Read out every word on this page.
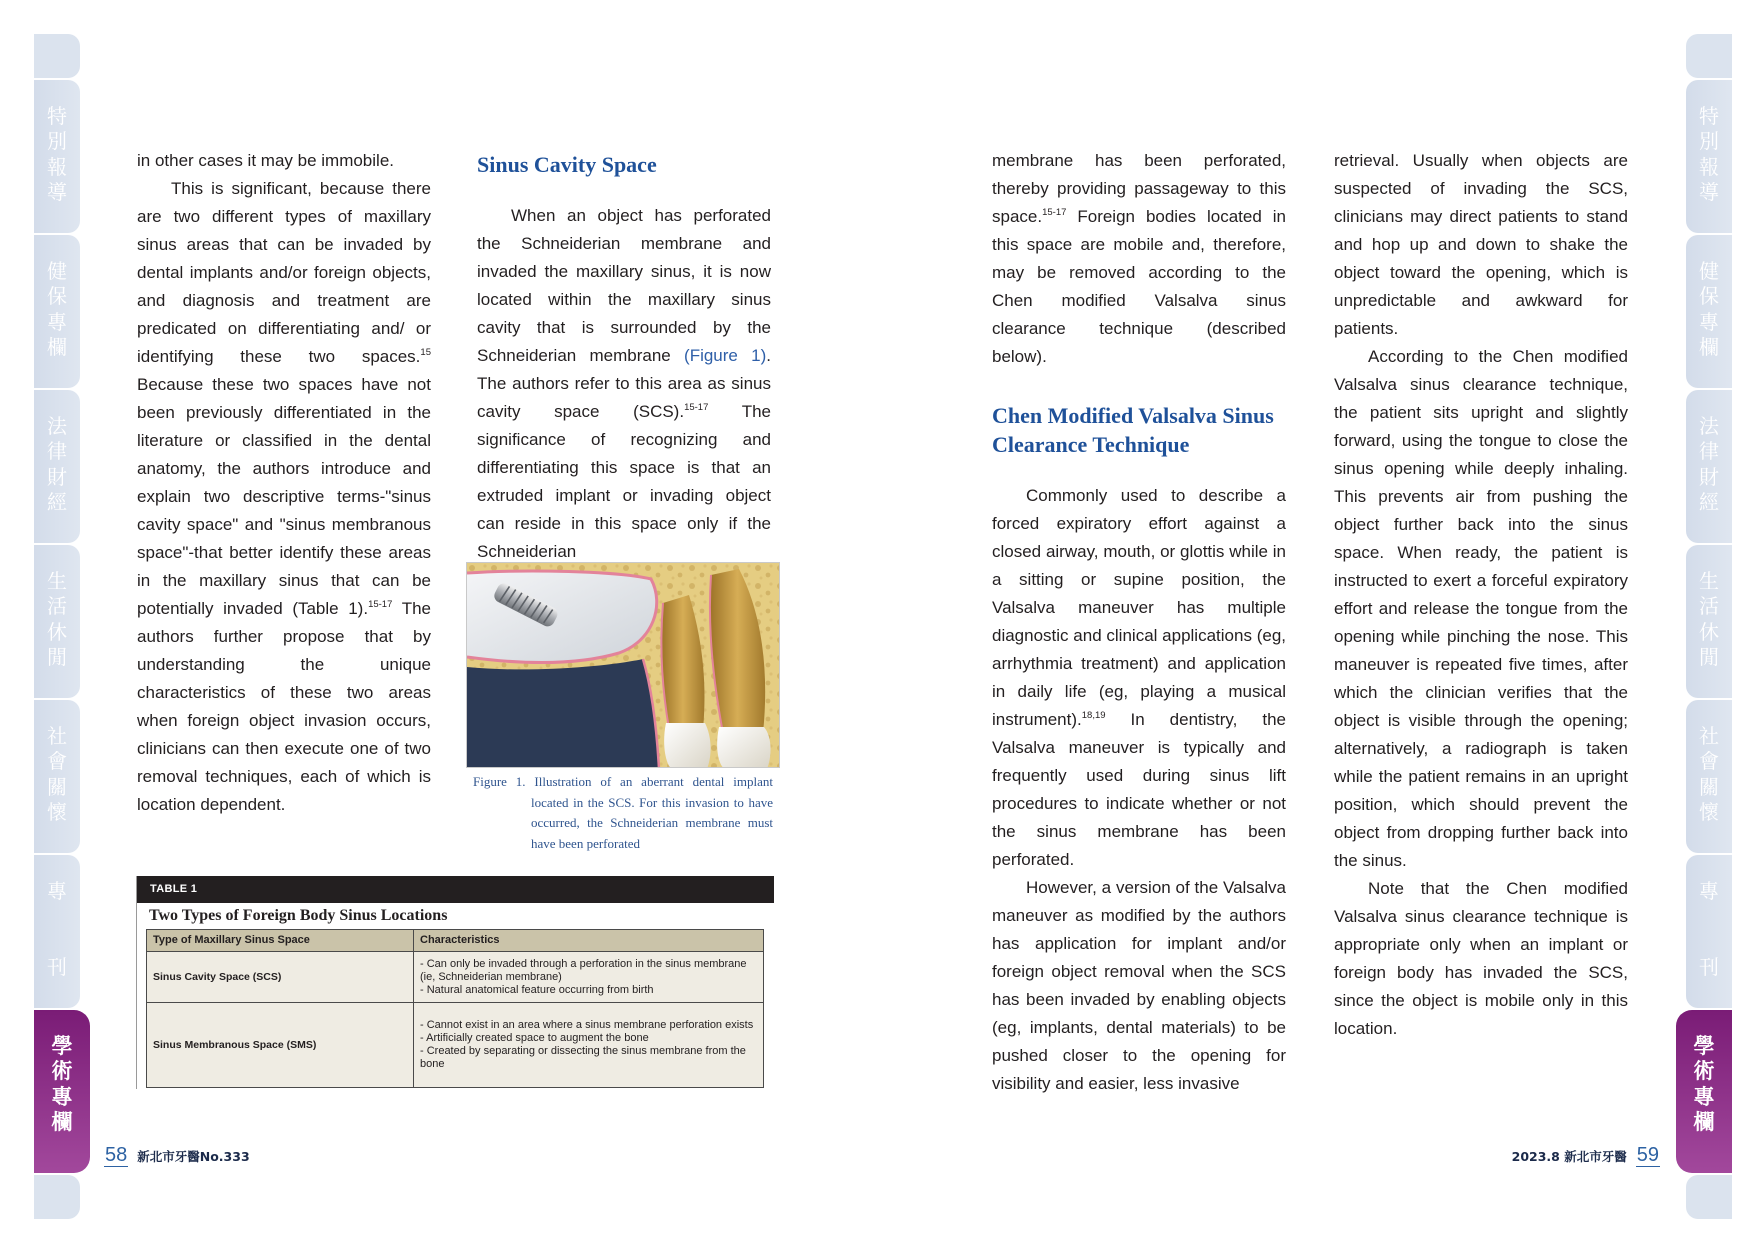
特
別
報
導
健
保
專
欄
法
律
財
經
生
活
休
閒
社
會
關
懷
專
刊
學
術
專
欄
特
別
報
導
健
保
專
欄
法
律
財
經
生
活
休
閒
社
會
關
懷
專
刊
學
術
專
欄

in other cases it may be immobile.

This is significant, because there are two different types of maxillary sinus areas that can be invaded by dental implants and/or foreign objects, and diagnosis and treatment are predicated on differentiating and/ or identifying these two spaces.$^{15}$ Because these two spaces have not been previously differentiated in the literature or classified in the dental anatomy, the authors introduce and explain two descriptive terms-"sinus cavity space" and "sinus membranous space"-that better identify these areas in the maxillary sinus that can be potentially invaded (Table 1).$^{15-17}$ The authors further propose that by understanding the unique characteristics of these two areas when foreign object invasion occurs, clinicians can then execute one of two removal techniques, each of which is location dependent.

Sinus Cavity Space

When an object has perforated the Schneiderian membrane and invaded the maxillary sinus, it is now located within the maxillary sinus cavity that is surrounded by the Schneiderian membrane (Figure 1). The authors refer to this area as sinus cavity space (SCS).$^{15-17}$ The significance of recognizing and differentiating this space is that an extruded implant or invading object can reside in this space only if the Schneiderian

Figure 1. Illustration of an aberrant dental implant located in the SCS. For this invasion to have occurred, the Schneiderian membrane must have been perforated
TABLE 1
Two Types of Foreign Body Sinus Locations
Type of Maxillary Sinus Space	Characteristics
Sinus Cavity Space (SCS)	- Can only be invaded through a perforation in the sinus membrane (ie, Schneiderian membrane)
- Natural anatomical feature occurring from birth

Sinus Membranous Space (SMS)	- Cannot exist in an area where a sinus membrane perforation exists
- Artificially created space to augment the bone
- Created by separating or dissecting the sinus membrane from the bone
58 新北市牙醫No.333

membrane has been perforated, thereby providing passageway to this space.$^{15-17}$ Foreign bodies located in this space are mobile and, therefore, may be removed according to the Chen modified Valsalva sinus clearance technique (described below).

Chen Modified Valsalva Sinus Clearance Technique

Commonly used to describe a forced expiratory effort against a closed airway, mouth, or glottis while in a sitting or supine position, the Valsalva maneuver has multiple diagnostic and clinical applications (eg, arrhythmia treatment) and application in daily life (eg, playing a musical instrument).$^{18,19}$ In dentistry, the Valsalva maneuver is typically and frequently used during sinus lift procedures to indicate whether or not the sinus membrane has been perforated.

However, a version of the Valsalva maneuver as modified by the authors has application for implant and/or foreign object removal when the SCS has been invaded by enabling objects (eg, implants, dental materials) to be pushed closer to the opening for visibility and easier, less invasive

retrieval. Usually when objects are suspected of invading the SCS, clinicians may direct patients to stand and hop up and down to shake the object toward the opening, which is unpredictable and awkward for patients.

According to the Chen modified Valsalva sinus clearance technique, the patient sits upright and slightly forward, using the tongue to close the sinus opening while deeply inhaling. This prevents air from pushing the object further back into the sinus space. When ready, the patient is instructed to exert a forceful expiratory effort and release the tongue from the opening while pinching the nose. This maneuver is repeated five times, after which the clinician verifies that the object is visible through the opening; alternatively, a radiograph is taken while the patient remains in an upright position, which should prevent the object from dropping further back into the sinus.

Note that the Chen modified Valsalva sinus clearance technique is appropriate only when an implant or foreign body has invaded the SCS, since the object is mobile only in this location.

2023.8 新北市牙醫 59
